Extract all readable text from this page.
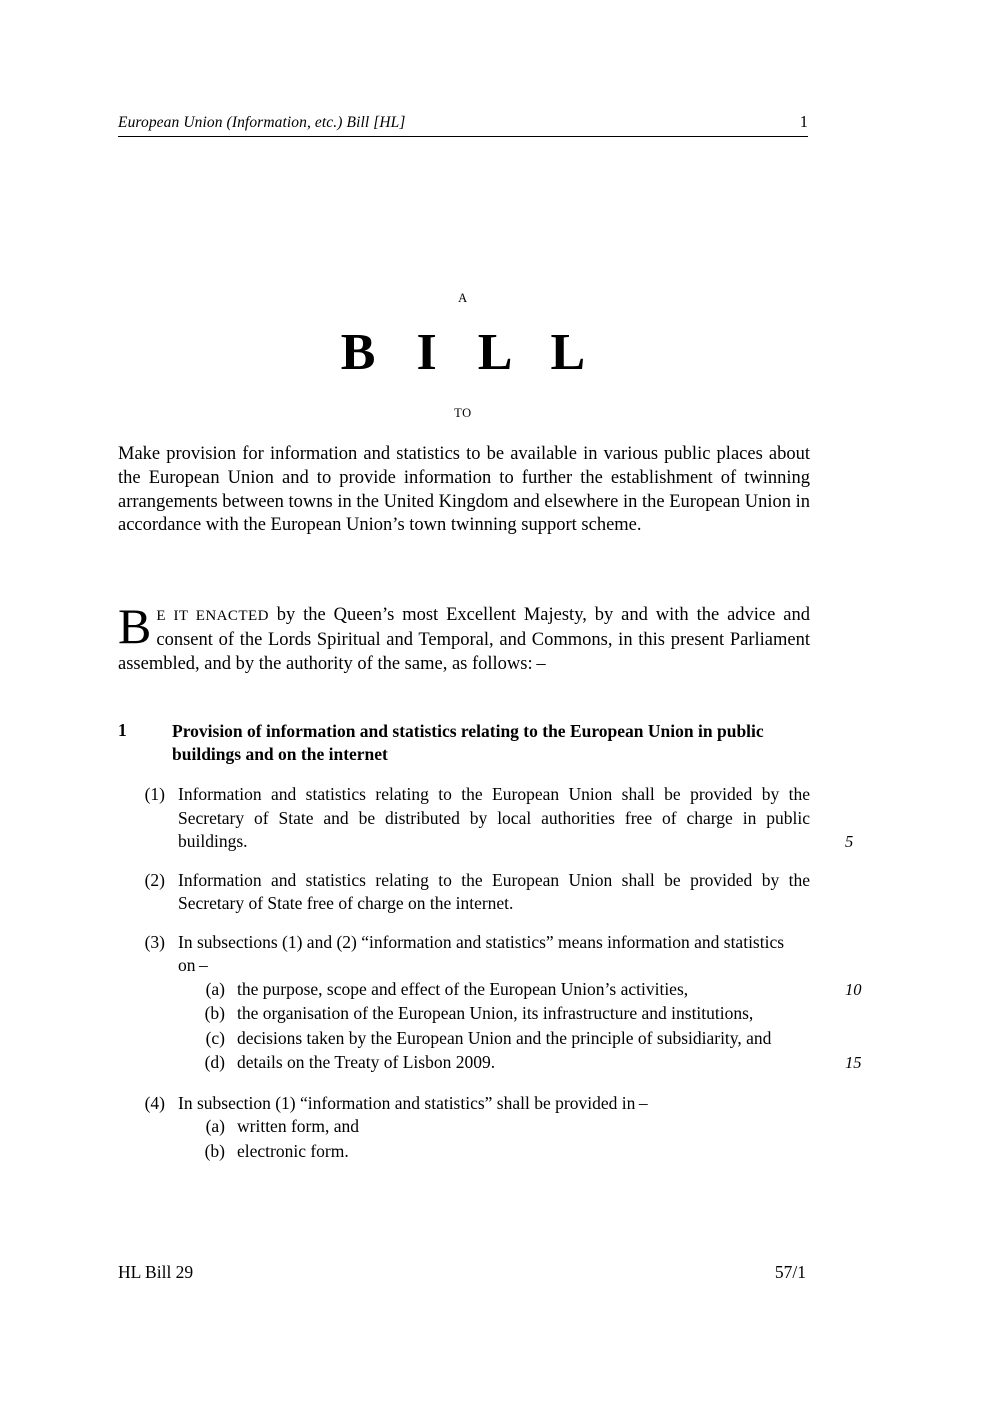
European Union (Information, etc.) Bill [HL]	1
A
B I L L
TO
Make provision for information and statistics to be available in various public places about the European Union and to provide information to further the establishment of twinning arrangements between towns in the United Kingdom and elsewhere in the European Union in accordance with the European Union’s town twinning support scheme.
B E IT ENACTED by the Queen’s most Excellent Majesty, by and with the advice and consent of the Lords Spiritual and Temporal, and Commons, in this present Parliament assembled, and by the authority of the same, as follows: –
1	Provision of information and statistics relating to the European Union in public buildings and on the internet
(1) Information and statistics relating to the European Union shall be provided by the Secretary of State and be distributed by local authorities free of charge in public buildings.	5
(2) Information and statistics relating to the European Union shall be provided by the Secretary of State free of charge on the internet.
(3) In subsections (1) and (2) “information and statistics” means information and statistics on –
(a) the purpose, scope and effect of the European Union’s activities,	10
(b) the organisation of the European Union, its infrastructure and institutions,
(c) decisions taken by the European Union and the principle of subsidiarity, and
(d) details on the Treaty of Lisbon 2009.	15
(4) In subsection (1) “information and statistics” shall be provided in –
(a) written form, and
(b) electronic form.
HL Bill 29	57/1
